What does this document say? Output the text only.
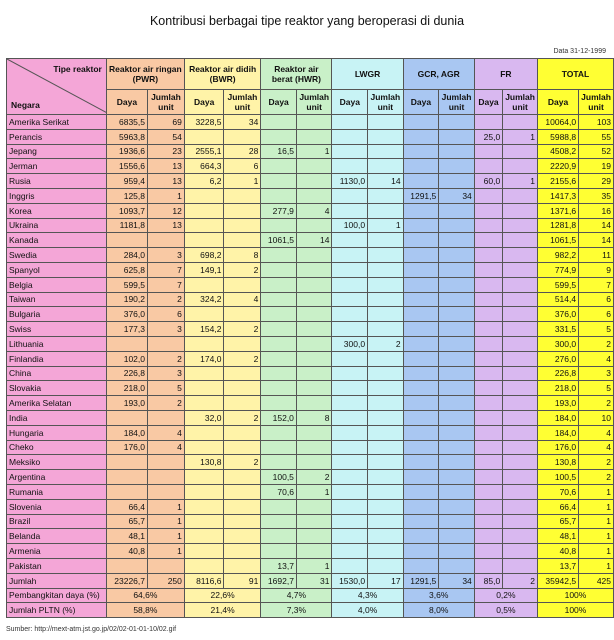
Kontribusi berbagai tipe reaktor yang beroperasi di dunia
Data 31-12-1999
Tipe reaktor
Negara	Reaktor air ringan (PWR)		Reaktor air didih (BWR)		Reaktor air berat (HWR)		LWGR		GCR, AGR		FR		TOTAL	
	Daya	Jumlah unit	Daya	Jumlah unit	Daya	Jumlah unit	Daya	Jumlah unit	Daya	Jumlah unit	Daya	Jumlah unit	Daya	Jumlah unit
Amerika Serikat	6835,5	69	3228,5	34									10064,0	103
Perancis	5963,8	54									25,0	1	5988,8	55
Jepang	1936,6	23	2555,1	28	16,5	1							4508,2	52
Jerman	1556,6	13	664,3	6									2220,9	19
Rusia	959,4	13	6,2	1			1130,0	14			60,0	1	2155,6	29
Inggris	125,8	1							1291,5	34			1417,3	35
Korea	1093,7	12			277,9	4							1371,6	16
Ukraina	1181,8	13					100,0	1					1281,8	14
Kanada					1061,5	14							1061,5	14
Swedia	284,0	3	698,2	8									982,2	11
Spanyol	625,8	7	149,1	2									774,9	9
Belgia	599,5	7											599,5	7
Taiwan	190,2	2	324,2	4									514,4	6
Bulgaria	376,0	6											376,0	6
Swiss	177,3	3	154,2	2									331,5	5
Lithuania							300,0	2					300,0	2
Finlandia	102,0	2	174,0	2									276,0	4
China	226,8	3											226,8	3
Slovakia	218,0	5											218,0	5
Amerika Selatan	193,0	2											193,0	2
India			32,0	2	152,0	8							184,0	10
Hungaria	184,0	4											184,0	4
Cheko	176,0	4											176,0	4
Meksiko			130,8	2									130,8	2
Argentina					100,5	2							100,5	2
Rumania					70,6	1							70,6	1
Slovenia	66,4	1											66,4	1
Brazil	65,7	1											65,7	1
Belanda	48,1	1											48,1	1
Armenia	40,8	1											40,8	1
Pakistan					13,7	1							13,7	1
Jumlah	23226,7	250	8116,6	91	1692,7	31	1530,0	17	1291,5	34	85,0	2	35942,5	425
Pembangkitan daya (%)	64,6%		22,6%		4,7%		4,3%		3,6%		0,2%		100%	
Jumlah PLTN (%)	58,8%		21,4%		7,3%		4,0%		8,0%		0,5%		100%	
Sumber: http://mext-atm.jst.go.jp/02/02-01-01-10/02.gif
